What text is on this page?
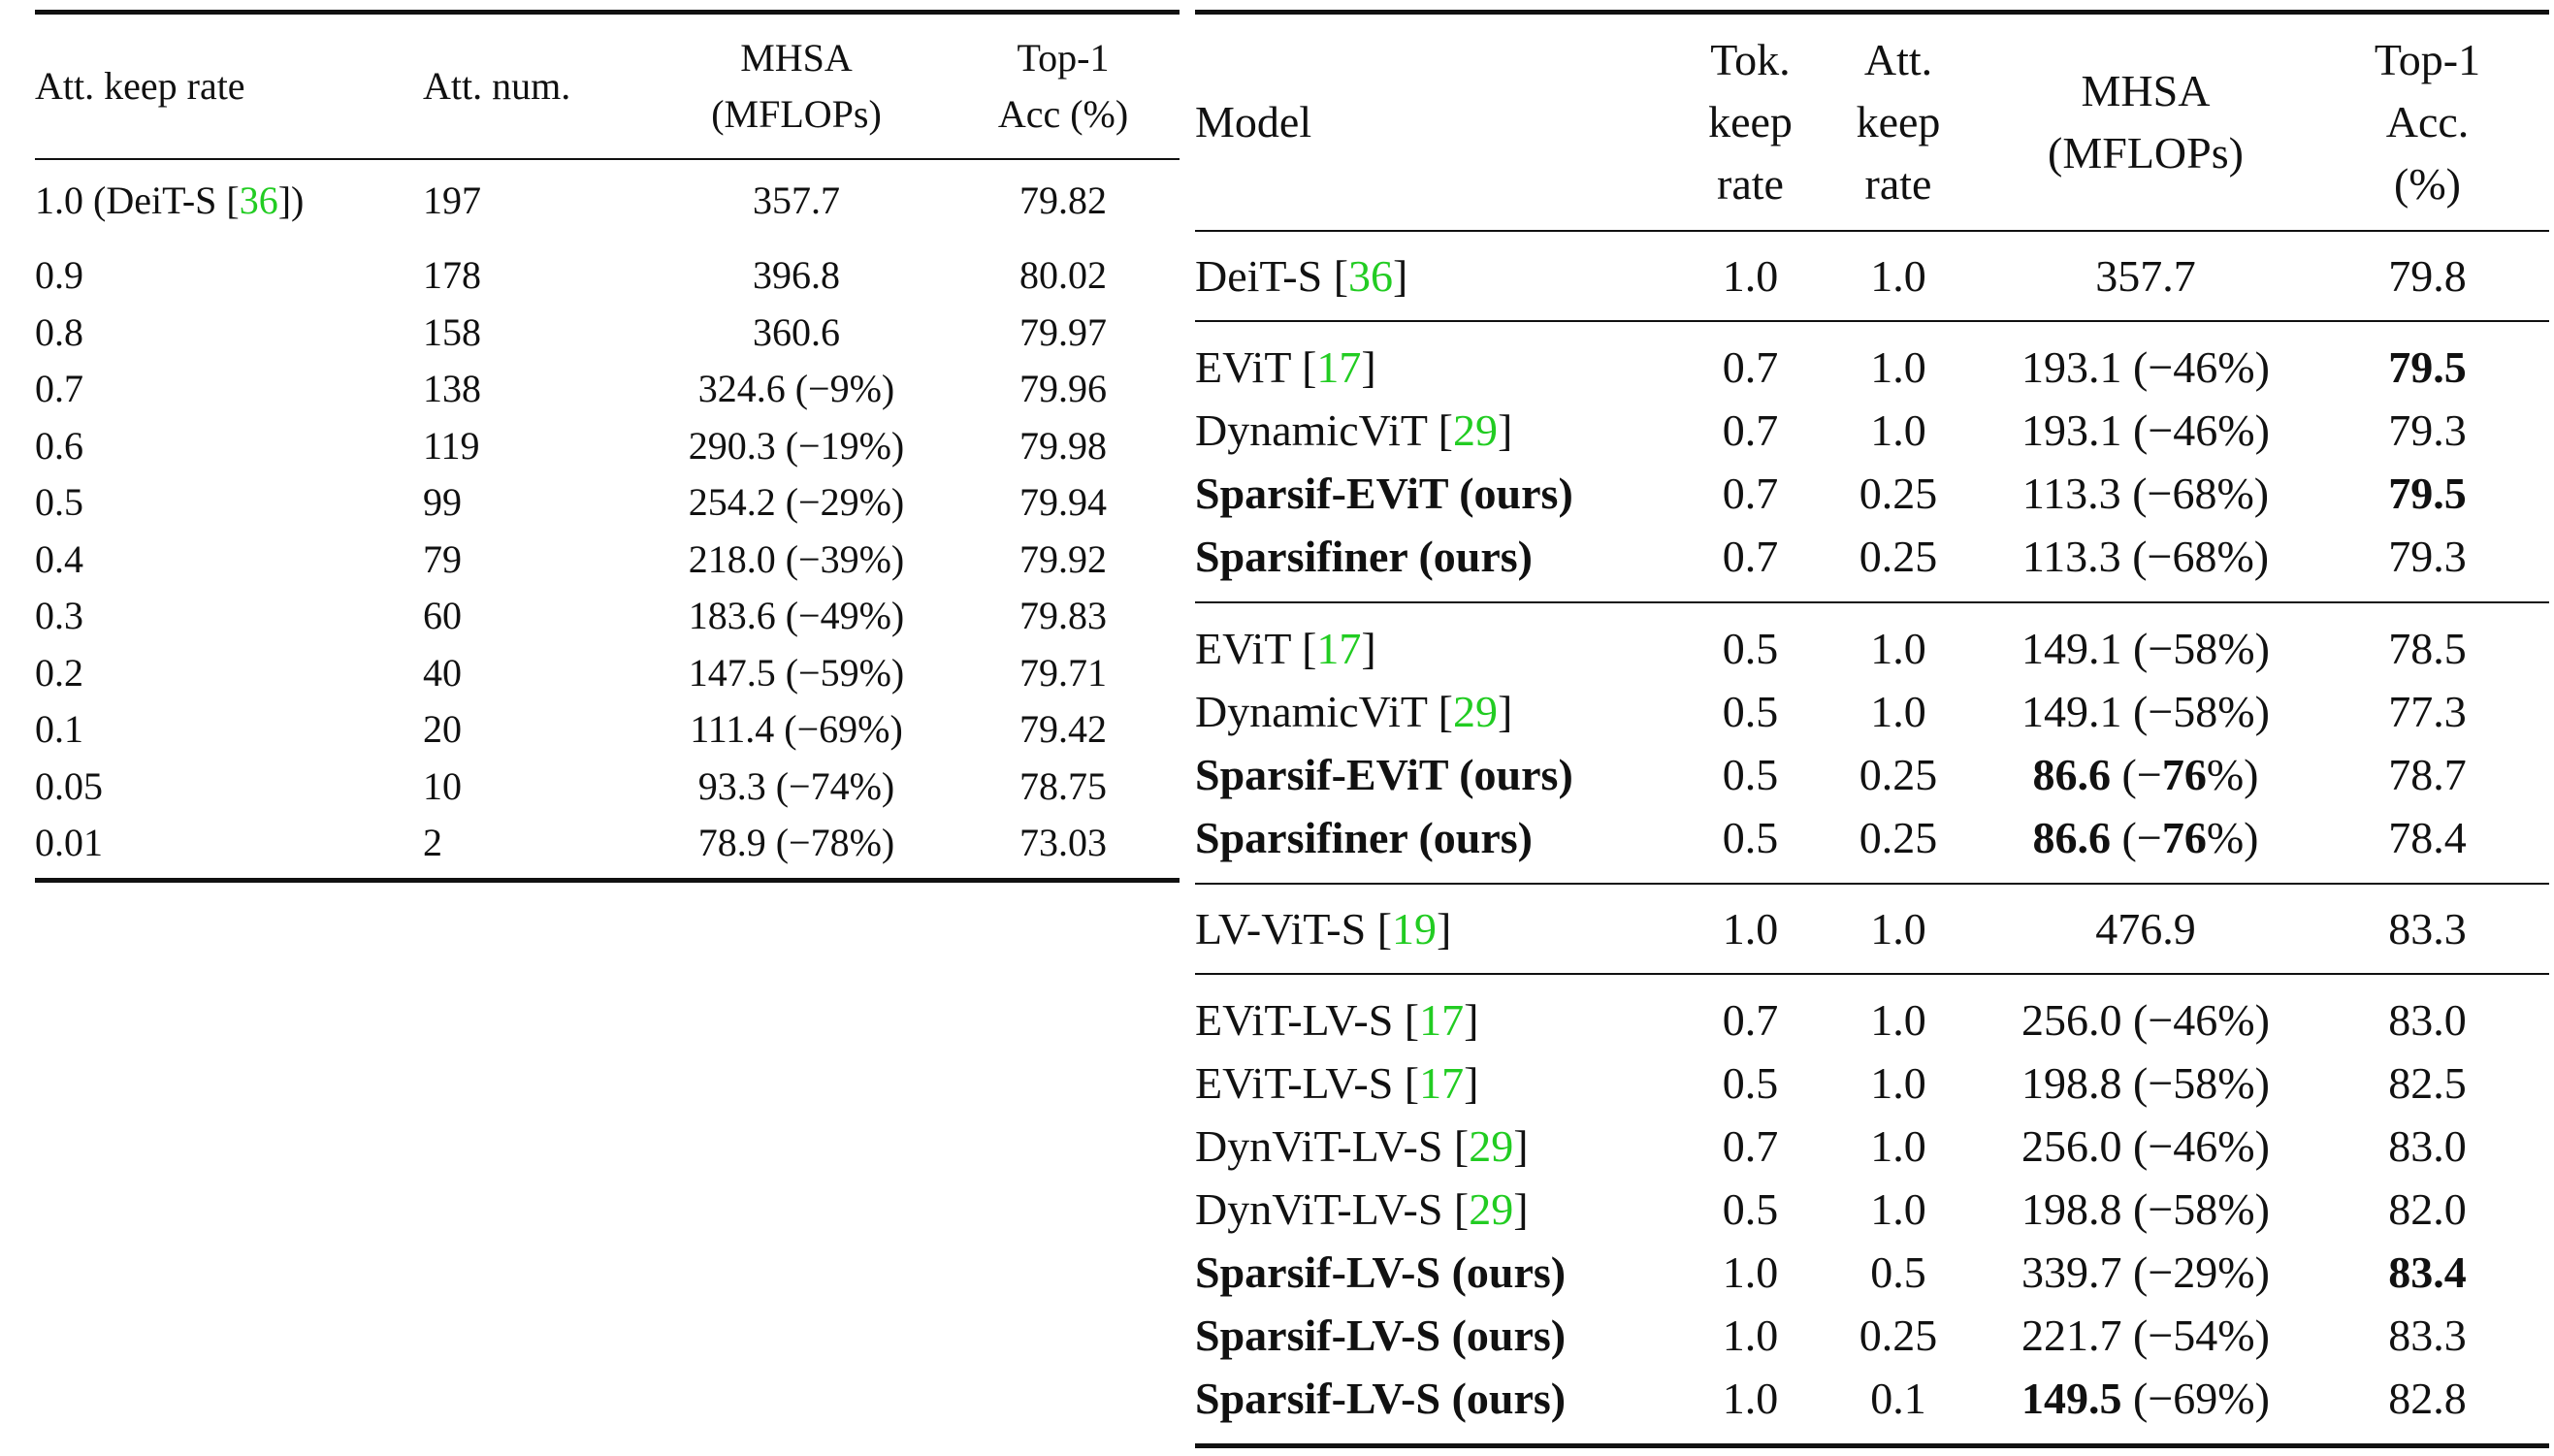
Att. keep rate	Att. num.	MHSA
(MFLOPs)	Top-1
Acc (%)

1.0 (DeiT-S [36])	197	357.7	79.82
0.9	178	396.8	80.02
0.8	158	360.6	79.97
0.7	138	324.6 (−9%)	79.96
0.6	119	290.3 (−19%)	79.98
0.5	99	254.2 (−29%)	79.94
0.4	79	218.0 (−39%)	79.92
0.3	60	183.6 (−49%)	79.83
0.2	40	147.5 (−59%)	79.71
0.1	20	111.4 (−69%)	79.42
0.05	10	93.3 (−74%)	78.75
0.01	2	78.9 (−78%)	73.03
Model	Tok.
keep
rate	Att.
keep
rate	MHSA
(MFLOPs)	Top-1
Acc.
(%)

DeiT-S [36]	1.0	1.0	357.7	79.8
EViT [17]	0.7	1.0	193.1 (−46%)	79.5
DynamicViT [29]	0.7	1.0	193.1 (−46%)	79.3
Sparsif-EViT (ours)	0.7	0.25	113.3 (−68%)	79.5
Sparsifiner (ours)	0.7	0.25	113.3 (−68%)	79.3
EViT [17]	0.5	1.0	149.1 (−58%)	78.5
DynamicViT [29]	0.5	1.0	149.1 (−58%)	77.3
Sparsif-EViT (ours)	0.5	0.25	86.6 (−76%)	78.7
Sparsifiner (ours)	0.5	0.25	86.6 (−76%)	78.4
LV-ViT-S [19]	1.0	1.0	476.9	83.3
EViT-LV-S [17]	0.7	1.0	256.0 (−46%)	83.0
EViT-LV-S [17]	0.5	1.0	198.8 (−58%)	82.5
DynViT-LV-S [29]	0.7	1.0	256.0 (−46%)	83.0
DynViT-LV-S [29]	0.5	1.0	198.8 (−58%)	82.0
Sparsif-LV-S (ours)	1.0	0.5	339.7 (−29%)	83.4
Sparsif-LV-S (ours)	1.0	0.25	221.7 (−54%)	83.3
Sparsif-LV-S (ours)	1.0	0.1	149.5 (−69%)	82.8
